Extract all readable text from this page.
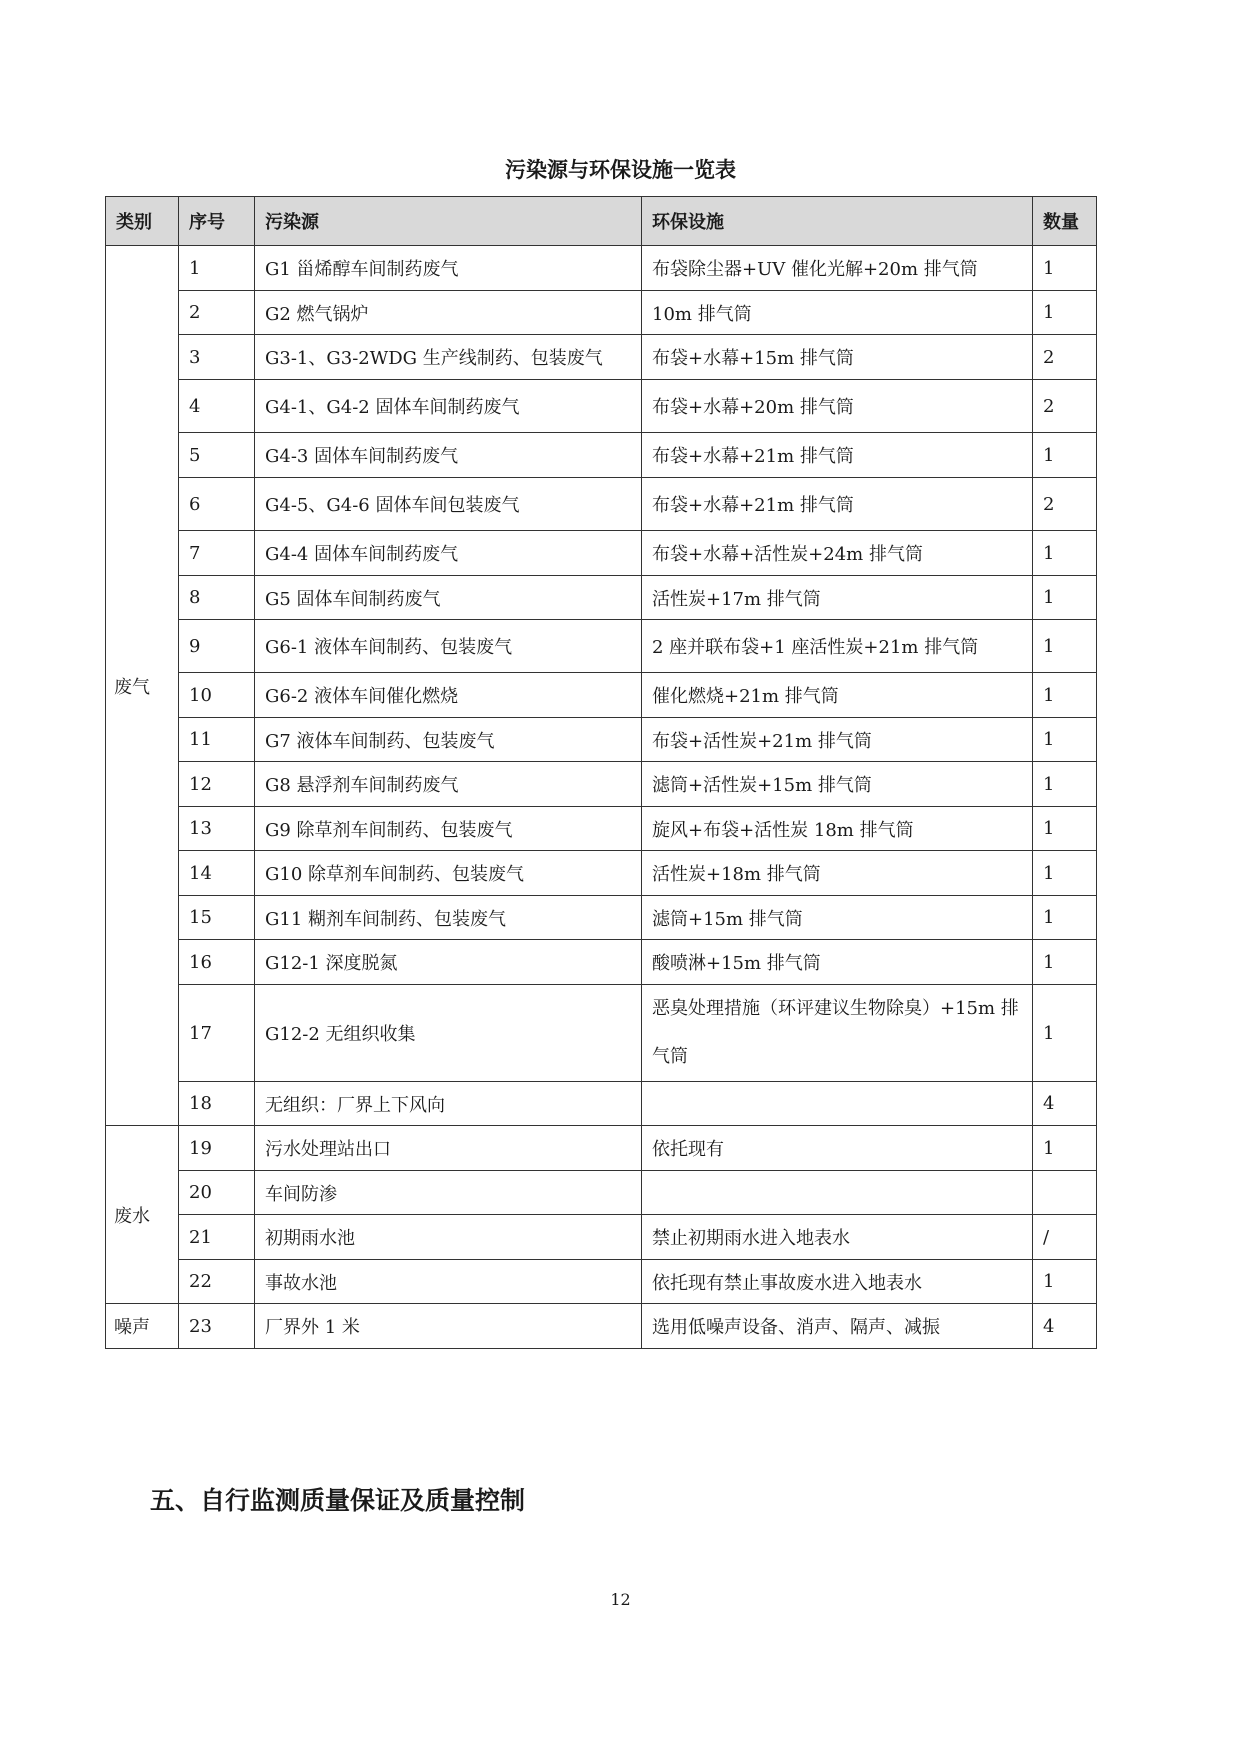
污染源与环保设施一览表
类别	序号	污染源	环保设施	数量
废气	1	G1 甾烯醇车间制药废气	布袋除尘器+UV 催化光解+20m 排气筒	1
	2	G2 燃气锅炉	10m 排气筒	1
	3	G3-1、G3-2WDG 生产线制药、包装废气	布袋+水幕+15m 排气筒	2
	4	G4-1、G4-2 固体车间制药废气	布袋+水幕+20m 排气筒	2
	5	G4-3 固体车间制药废气	布袋+水幕+21m 排气筒	1
	6	G4-5、G4-6 固体车间包装废气	布袋+水幕+21m 排气筒	2
	7	G4-4 固体车间制药废气	布袋+水幕+活性炭+24m 排气筒	1
	8	G5 固体车间制药废气	活性炭+17m 排气筒	1
	9	G6-1 液体车间制药、包装废气	2 座并联布袋+1 座活性炭+21m 排气筒	1
	10	G6-2 液体车间催化燃烧	催化燃烧+21m 排气筒	1
	11	G7 液体车间制药、包装废气	布袋+活性炭+21m 排气筒	1
	12	G8 悬浮剂车间制药废气	滤筒+活性炭+15m 排气筒	1
	13	G9 除草剂车间制药、包装废气	旋风+布袋+活性炭 18m 排气筒	1
	14	G10 除草剂车间制药、包装废气	活性炭+18m 排气筒	1
	15	G11 糊剂车间制药、包装废气	滤筒+15m 排气筒	1
	16	G12-1 深度脱氮	酸喷淋+15m 排气筒	1
	17	G12-2 无组织收集	恶臭处理措施（环评建议生物除臭）+15m 排气筒	1
	18	无组织：厂界上下风向		4
废水	19	污水处理站出口	依托现有	1
	20	车间防渗		
	21	初期雨水池	禁止初期雨水进入地表水	/
	22	事故水池	依托现有禁止事故废水进入地表水	1
噪声	23	厂界外 1 米	选用低噪声设备、消声、隔声、减振	4
五、自行监测质量保证及质量控制
12
